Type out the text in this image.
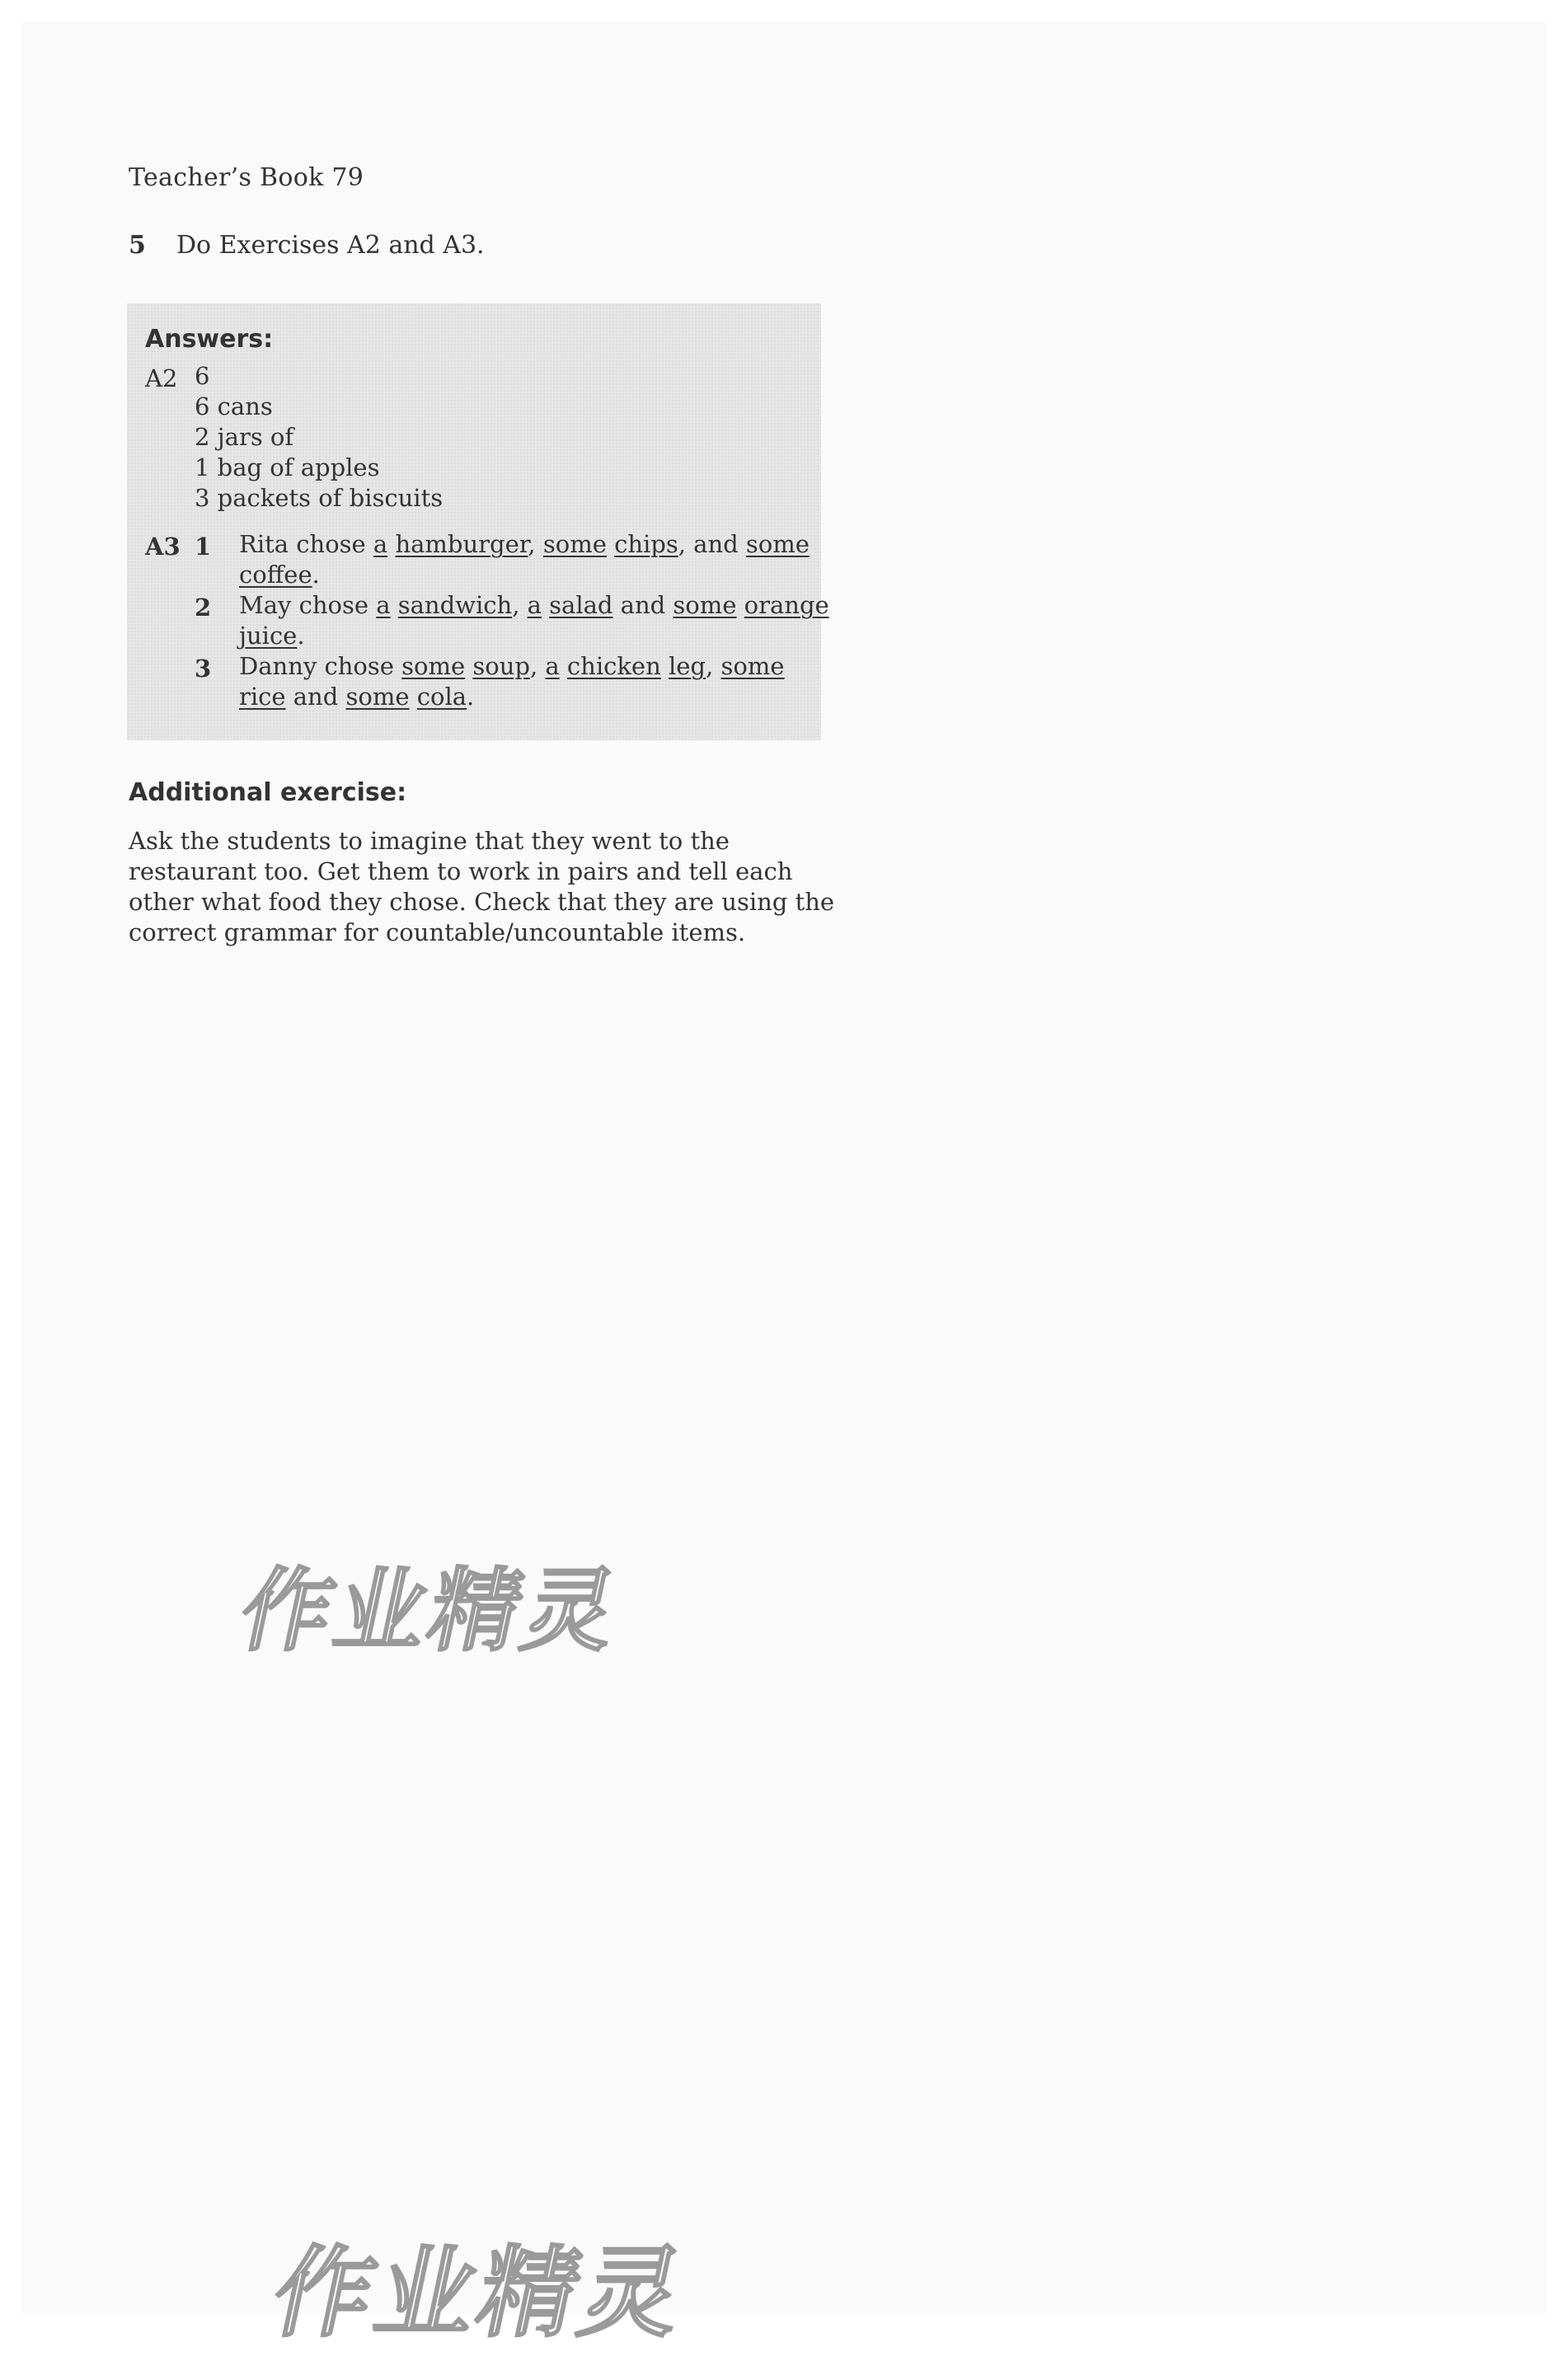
Teacher’s Book 79
5 Do Exercises A2 and A3.
Answers:
A2 6
6 cans
2 jars of
1 bag of apples
3 packets of biscuits
A3 1 Rita chose a hamburger, some chips, and some
coffee.
2 May chose a sandwich, a salad and some orange
juice.
3 Danny chose some soup, a chicken leg, some
rice and some cola.
Additional exercise:
Ask the students to imagine that they went to the
restaurant too. Get them to work in pairs and tell each
other what food they chose. Check that they are using the
correct grammar for countable/uncountable items.
作业精灵
作业精灵
